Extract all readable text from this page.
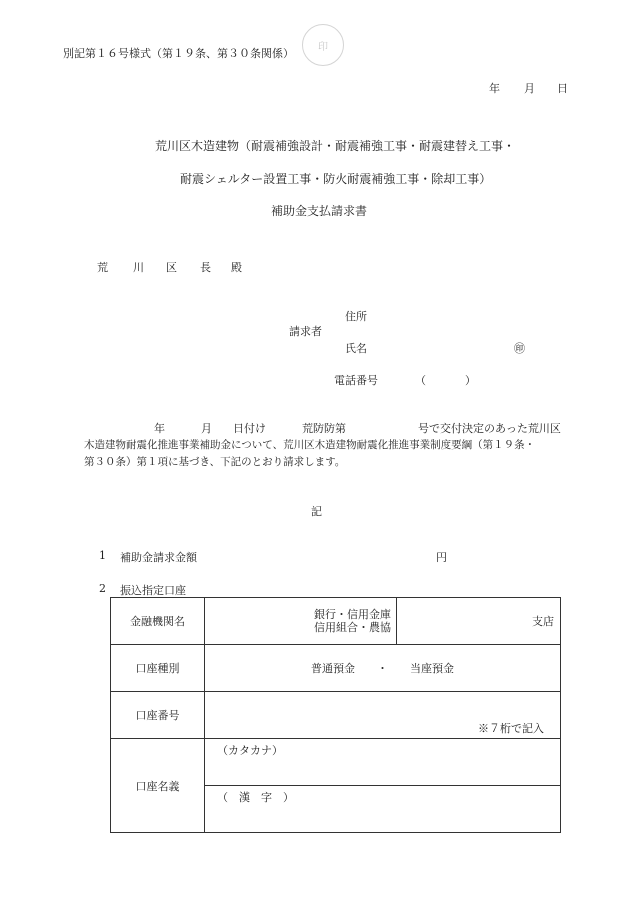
別記第１６号様式（第１９条、第３０条関係）	印
年 月 日
荒川区木造建物（耐震補強設計・耐震補強工事・耐震建替え工事・
耐震シェルター設置工事・防火耐震補強工事・除却工事）
補助金支払請求書
荒 川 区 長 殿
住所
請求者
氏名	㊞
電話番号	（	）
年	月 日付け	荒防防第	号で交付決定のあった荒川区
木造建物耐震化推進事業補助金について、荒川区木造建物耐震化推進事業制度要綱（第１９条・
第３０条）第１項に基づき、下記のとおり請求します。
記
1 補助金請求金額	円
2 振込指定口座
金融機関名	銀行・信用金庫
信用組合・農協	支店
口座種別	普通預金　　・　　当座預金	
口座番号	※７桁で記入	
口座名義	（カタカナ）	
	（　漢　字　）	
